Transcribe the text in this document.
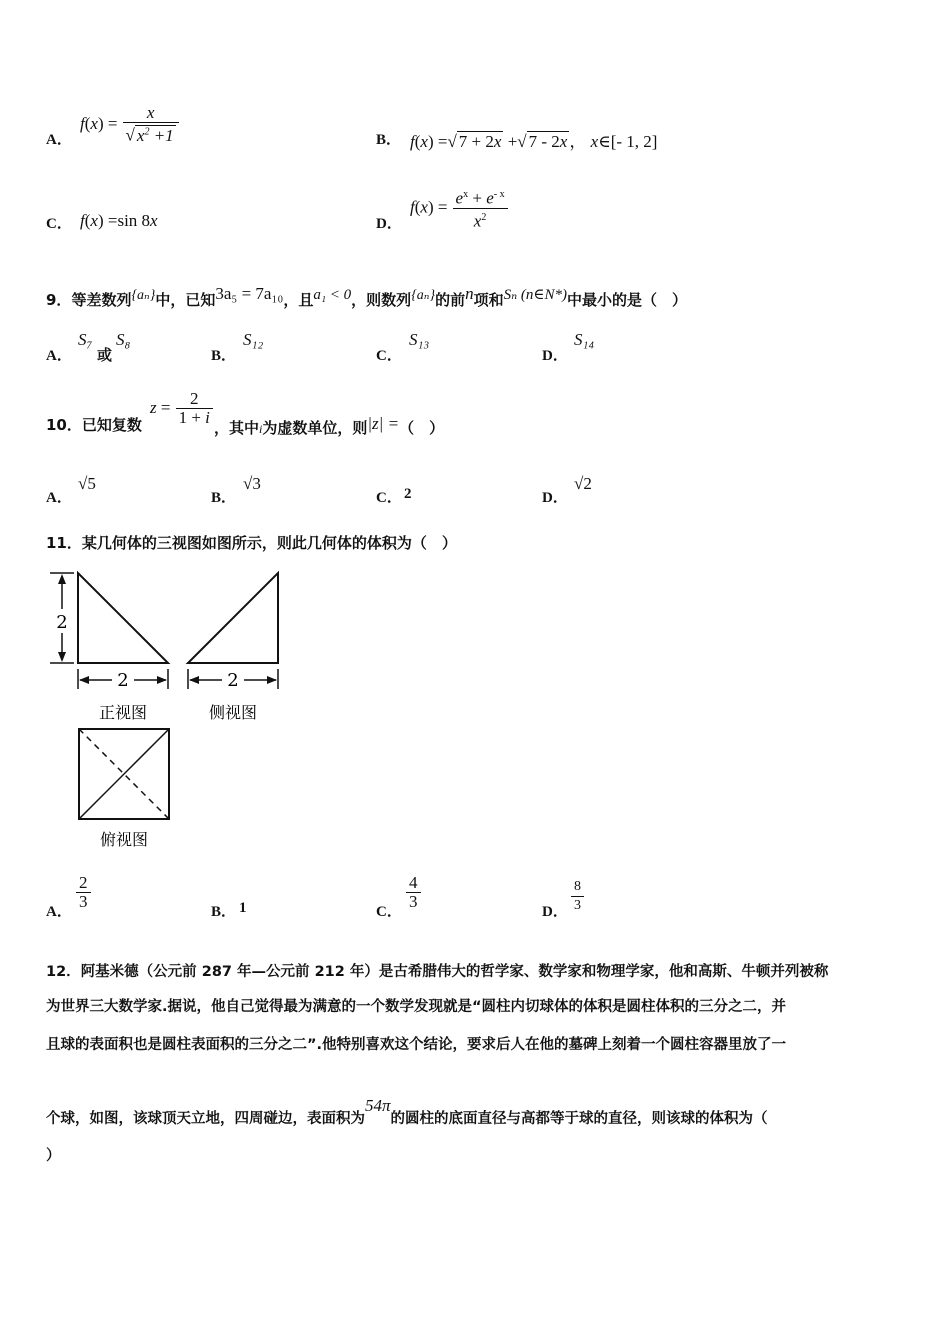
A．
$f(x) = \frac{x}{√ x^2 +1}$	B． f(x) =√ 7 + 2x +√ 7 - 2x ， x∈[- 1, 2]
C． f(x) =sin 8x	D．
$f(x) = \frac{e^x + e^{- x}}{x^2}$
9．等差数列{aₙ}中，已知3a₅ = 7a₁₀，且a₁ < 0，则数列{aₙ}的前n项和Sₙ (n∈N*)中最小的是（　）
A．
S₇
或
S₈
B．
S₁₂
C．
S₁₃
D．
S₁₄
10．已知复数
$z = \frac{2}{1 + i}$
，其中i为虚数单位，则|z| =（　）
A．
√5
B．
√3
C． 2	D．
√2
11．某几何体的三视图如图所示，则此几何体的体积为（　）
2
2	2
正视图	侧视图
俯视图
A．
$\frac{2}{3}$
B． 1	C．
$\frac{4}{3}$
D． $\frac{8}{3}$
12．阿基米德（公元前 287 年—公元前 212 年）是古希腊伟大的哲学家、数学家和物理学家，他和高斯、牛顿并列被称
为世界三大数学家.据说，他自己觉得最为满意的一个数学发现就是“圆柱内切球体的体积是圆柱体积的三分之二，并
且球的表面积也是圆柱表面积的三分之二”.他特别喜欢这个结论，要求后人在他的墓碑上刻着一个圆柱容器里放了一
个球，如图，该球顶天立地，四周碰边，表面积为54π的圆柱的底面直径与高都等于球的直径，则该球的体积为（
）
